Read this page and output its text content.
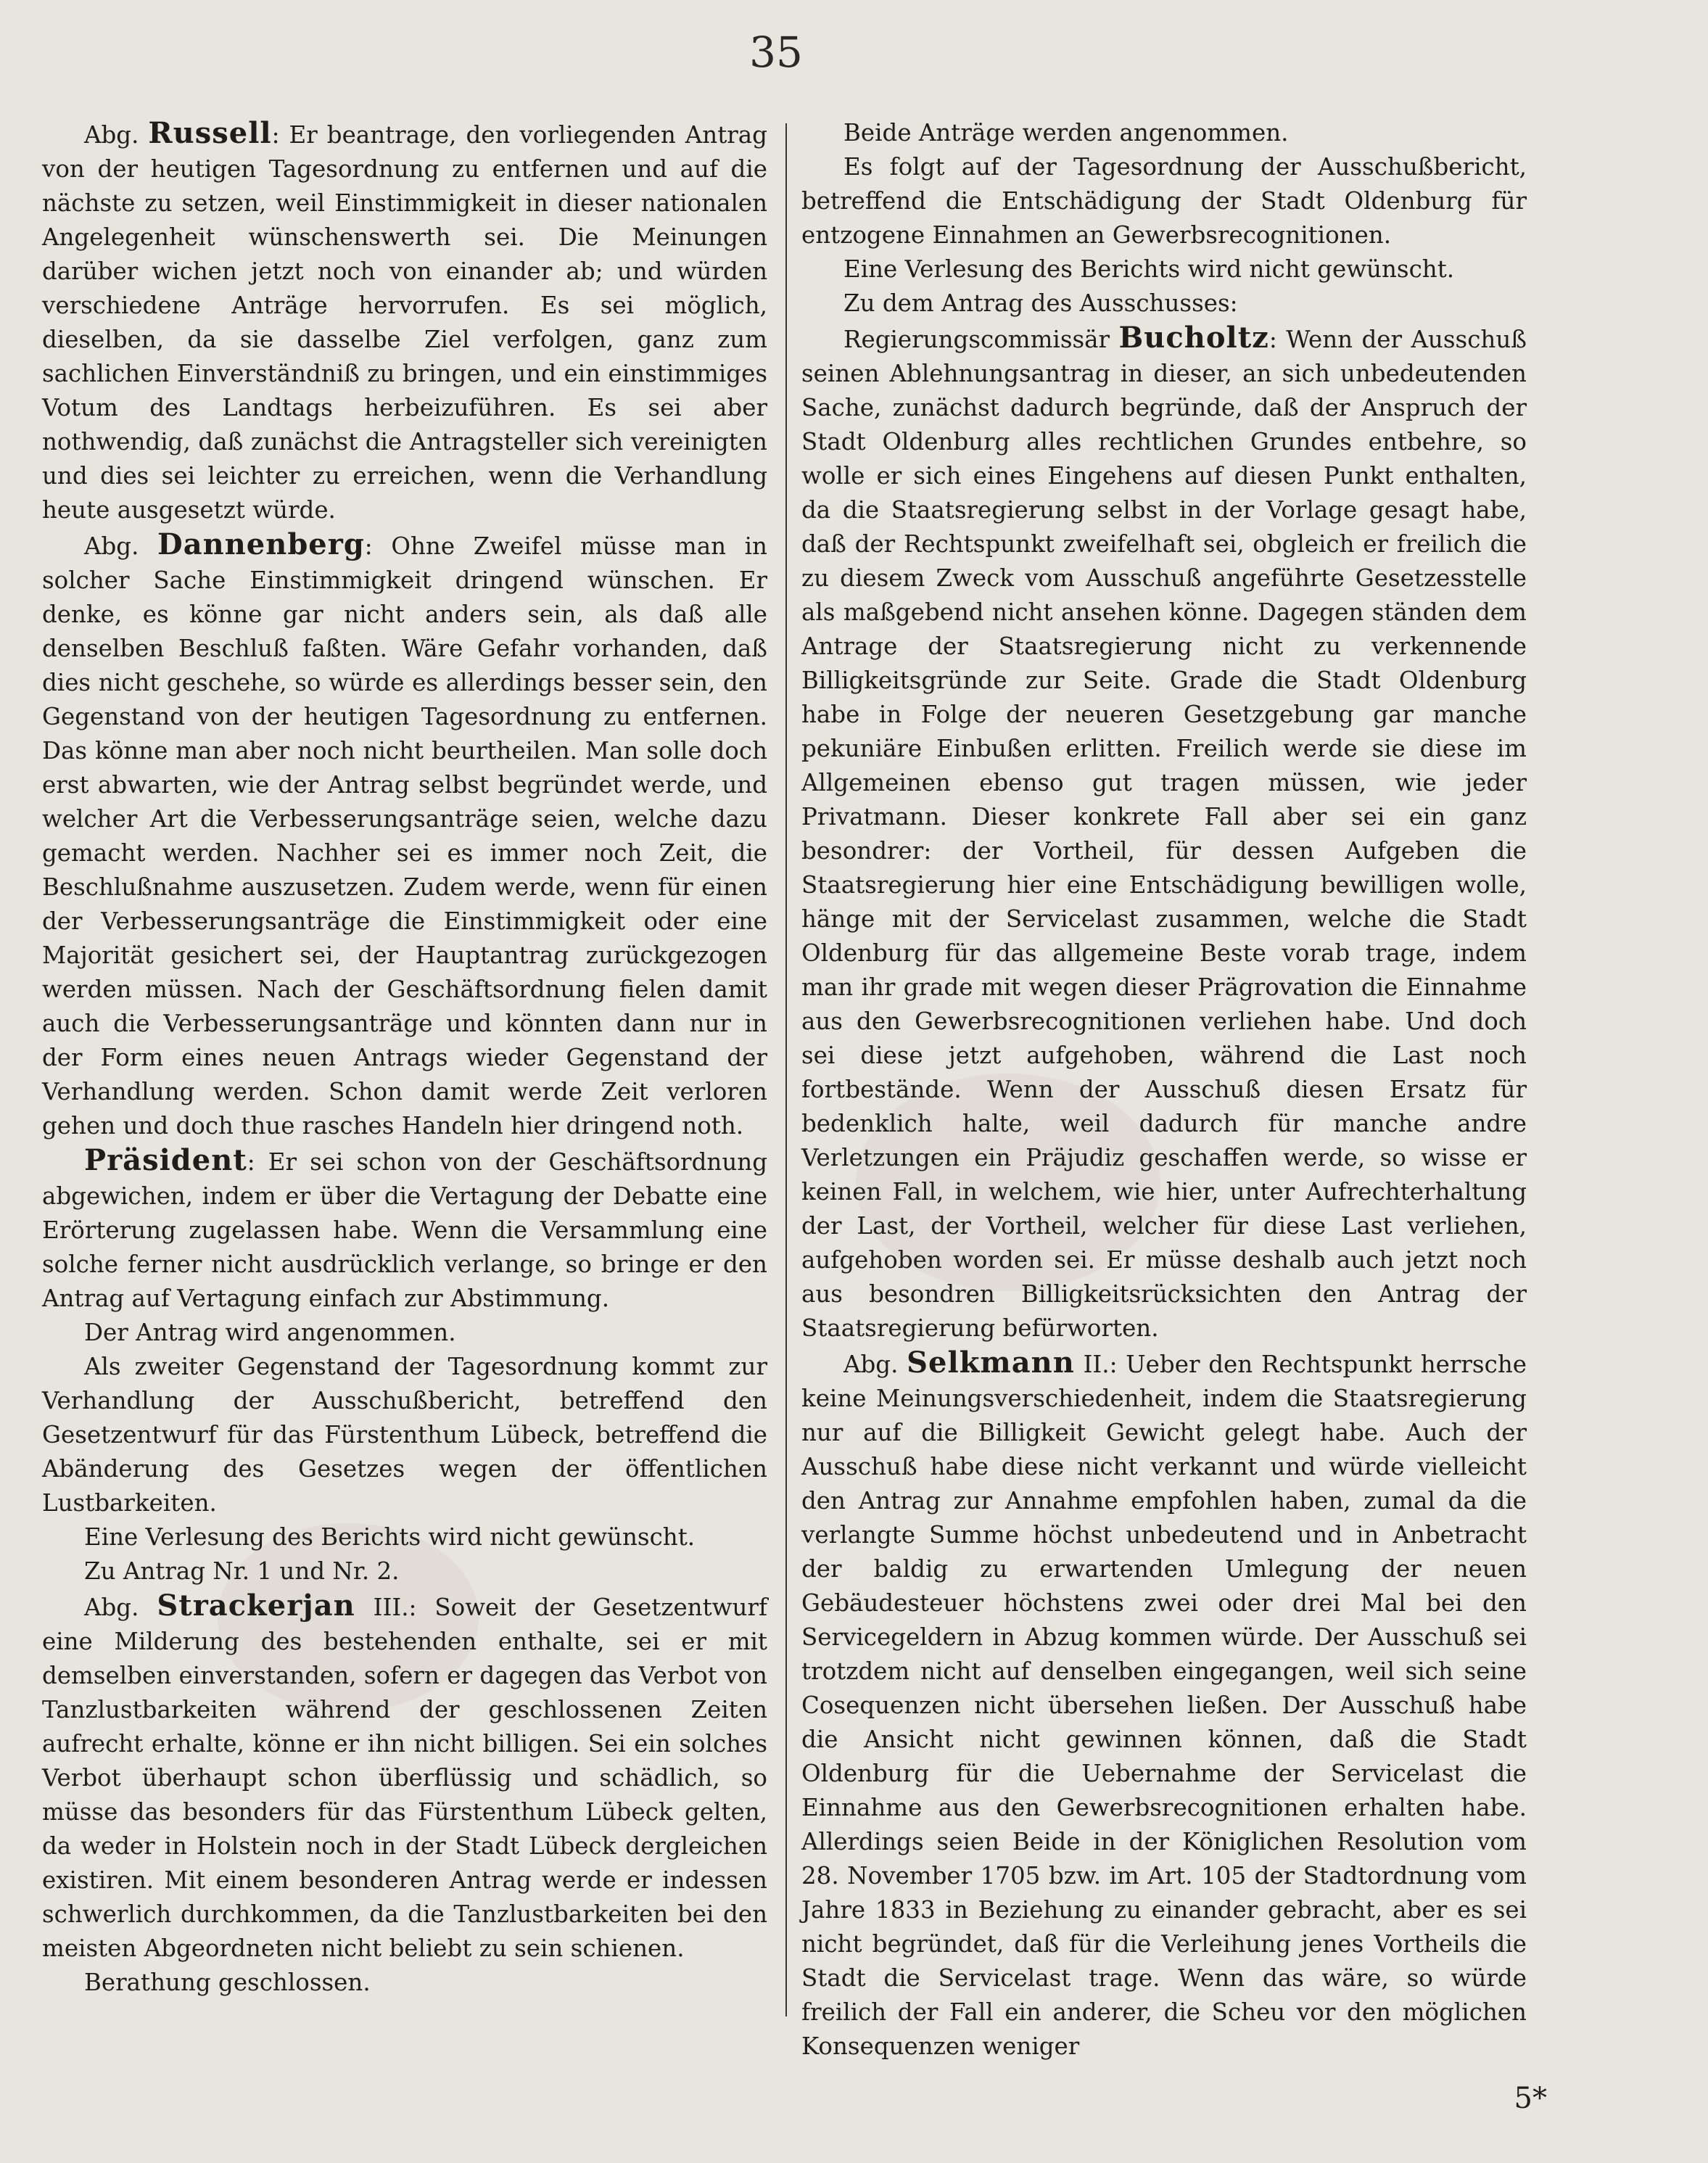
35

Abg. Russell: Er beantrage, den vorliegenden Antrag von der heutigen Tagesordnung zu entfernen und auf die nächste zu setzen, weil Einstimmigkeit in dieser nationalen Angelegenheit wünschenswerth sei. Die Meinungen darüber wichen jetzt noch von einander ab; und würden verschiedene Anträge hervorrufen. Es sei möglich, dieselben, da sie dasselbe Ziel verfolgen, ganz zum sachlichen Einverständniß zu bringen, und ein einstimmiges Votum des Landtags herbeizuführen. Es sei aber nothwendig, daß zunächst die Antragsteller sich vereinigten und dies sei leichter zu erreichen, wenn die Verhandlung heute ausgesetzt würde.

Abg. Dannenberg: Ohne Zweifel müsse man in solcher Sache Einstimmigkeit dringend wünschen. Er denke, es könne gar nicht anders sein, als daß alle denselben Beschluß faßten. Wäre Gefahr vorhanden, daß dies nicht geschehe, so würde es allerdings besser sein, den Gegenstand von der heutigen Tagesordnung zu entfernen. Das könne man aber noch nicht beurtheilen. Man solle doch erst abwarten, wie der Antrag selbst begründet werde, und welcher Art die Verbesserungsanträge seien, welche dazu gemacht werden. Nachher sei es immer noch Zeit, die Beschlußnahme auszusetzen. Zudem werde, wenn für einen der Verbesserungsanträge die Einstimmigkeit oder eine Majorität gesichert sei, der Hauptantrag zurückgezogen werden müssen. Nach der Geschäftsordnung fielen damit auch die Verbesserungsanträge und könnten dann nur in der Form eines neuen Antrags wieder Gegenstand der Verhandlung werden. Schon damit werde Zeit verloren gehen und doch thue rasches Handeln hier dringend noth.

Präsident: Er sei schon von der Geschäftsordnung abgewichen, indem er über die Vertagung der Debatte eine Erörterung zugelassen habe. Wenn die Versammlung eine solche ferner nicht ausdrücklich verlange, so bringe er den Antrag auf Vertagung einfach zur Abstimmung.

Der Antrag wird angenommen.

Als zweiter Gegenstand der Tagesordnung kommt zur Verhandlung der Ausschußbericht, betreffend den Gesetzentwurf für das Fürstenthum Lübeck, betreffend die Abänderung des Gesetzes wegen der öffentlichen Lustbarkeiten.

Eine Verlesung des Berichts wird nicht gewünscht.

Zu Antrag Nr. 1 und Nr. 2.

Abg. Strackerjan III.: Soweit der Gesetzentwurf eine Milderung des bestehenden enthalte, sei er mit demselben einverstanden, sofern er dagegen das Verbot von Tanzlustbarkeiten während der geschlossenen Zeiten aufrecht erhalte, könne er ihn nicht billigen. Sei ein solches Verbot überhaupt schon überflüssig und schädlich, so müsse das besonders für das Fürstenthum Lübeck gelten, da weder in Holstein noch in der Stadt Lübeck dergleichen existiren. Mit einem besonderen Antrag werde er indessen schwerlich durchkommen, da die Tanzlustbarkeiten bei den meisten Abgeordneten nicht beliebt zu sein schienen.

Berathung geschlossen.

Beide Anträge werden angenommen.

Es folgt auf der Tagesordnung der Ausschußbericht, betreffend die Entschädigung der Stadt Oldenburg für entzogene Einnahmen an Gewerbsrecognitionen.

Eine Verlesung des Berichts wird nicht gewünscht.

Zu dem Antrag des Ausschusses:

Regierungscommissär Bucholtz: Wenn der Ausschuß seinen Ablehnungsantrag in dieser, an sich unbedeutenden Sache, zunächst dadurch begründe, daß der Anspruch der Stadt Oldenburg alles rechtlichen Grundes entbehre, so wolle er sich eines Eingehens auf diesen Punkt enthalten, da die Staatsregierung selbst in der Vorlage gesagt habe, daß der Rechtspunkt zweifelhaft sei, obgleich er freilich die zu diesem Zweck vom Ausschuß angeführte Gesetzesstelle als maßgebend nicht ansehen könne. Dagegen ständen dem Antrage der Staatsregierung nicht zu verkennende Billigkeitsgründe zur Seite. Grade die Stadt Oldenburg habe in Folge der neueren Gesetzgebung gar manche pekuniäre Einbußen erlitten. Freilich werde sie diese im Allgemeinen ebenso gut tragen müssen, wie jeder Privatmann. Dieser konkrete Fall aber sei ein ganz besondrer: der Vortheil, für dessen Aufgeben die Staatsregierung hier eine Entschädigung bewilligen wolle, hänge mit der Servicelast zusammen, welche die Stadt Oldenburg für das allgemeine Beste vorab trage, indem man ihr grade mit wegen dieser Prägrovation die Einnahme aus den Gewerbsrecognitionen verliehen habe. Und doch sei diese jetzt aufgehoben, während die Last noch fortbestände. Wenn der Ausschuß diesen Ersatz für bedenklich halte, weil dadurch für manche andre Verletzungen ein Präjudiz geschaffen werde, so wisse er keinen Fall, in welchem, wie hier, unter Aufrechterhaltung der Last, der Vortheil, welcher für diese Last verliehen, aufgehoben worden sei. Er müsse deshalb auch jetzt noch aus besondren Billigkeitsrücksichten den Antrag der Staatsregierung befürworten.

Abg. Selkmann II.: Ueber den Rechtspunkt herrsche keine Meinungsverschiedenheit, indem die Staatsregierung nur auf die Billigkeit Gewicht gelegt habe. Auch der Ausschuß habe diese nicht verkannt und würde vielleicht den Antrag zur Annahme empfohlen haben, zumal da die verlangte Summe höchst unbedeutend und in Anbetracht der baldig zu erwartenden Umlegung der neuen Gebäudesteuer höchstens zwei oder drei Mal bei den Servicegeldern in Abzug kommen würde. Der Ausschuß sei trotzdem nicht auf denselben eingegangen, weil sich seine Cosequenzen nicht übersehen ließen. Der Ausschuß habe die Ansicht nicht gewinnen können, daß die Stadt Oldenburg für die Uebernahme der Servicelast die Einnahme aus den Gewerbsrecognitionen erhalten habe. Allerdings seien Beide in der Königlichen Resolution vom 28. November 1705 bzw. im Art. 105 der Stadtordnung vom Jahre 1833 in Beziehung zu einander gebracht, aber es sei nicht begründet, daß für die Verleihung jenes Vortheils die Stadt die Servicelast trage. Wenn das wäre, so würde freilich der Fall ein anderer, die Scheu vor den möglichen Konsequenzen weniger

5*
